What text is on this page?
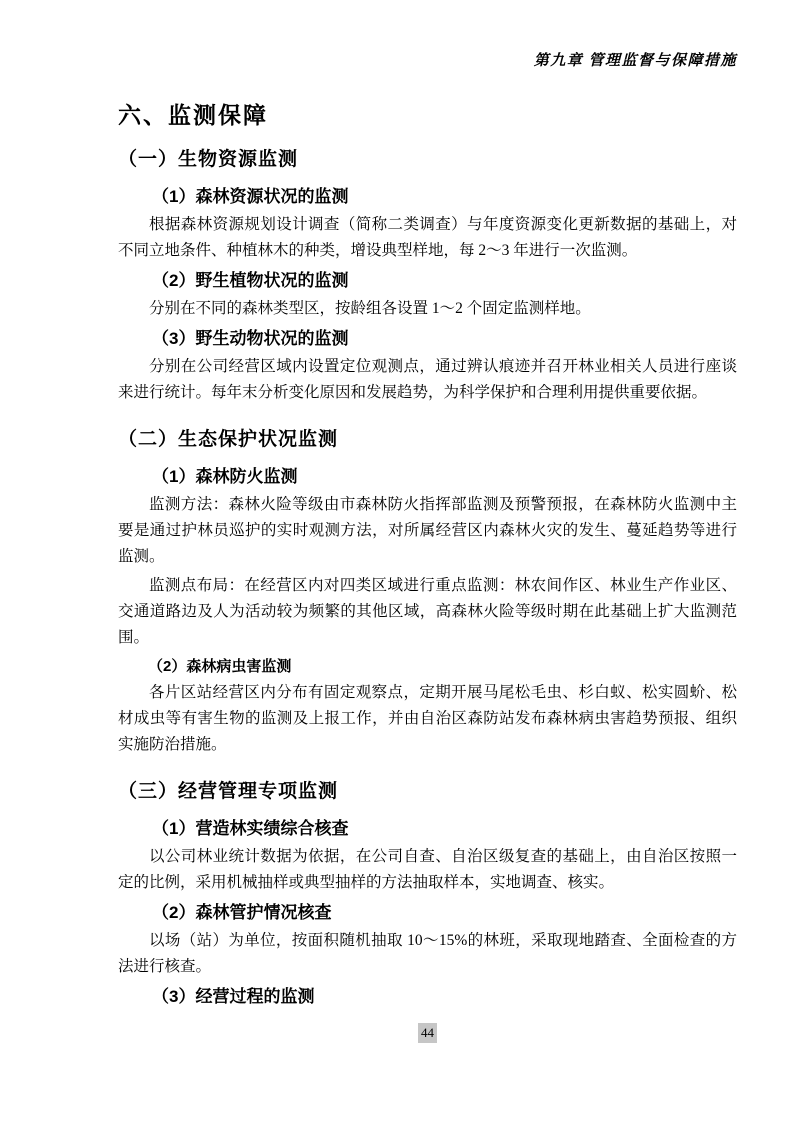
第九章 管理监督与保障措施
六、监测保障
（一）生物资源监测
（1）森林资源状况的监测

根据森林资源规划设计调查（简称二类调查）与年度资源变化更新数据的基础上，对不同立地条件、种植林木的种类，增设典型样地，每 2～3 年进行一次监测。

（2）野生植物状况的监测

分别在不同的森林类型区，按龄组各设置 1～2 个固定监测样地。

（3）野生动物状况的监测

分别在公司经营区域内设置定位观测点，通过辨认痕迹并召开林业相关人员进行座谈来进行统计。每年末分析变化原因和发展趋势，为科学保护和合理利用提供重要依据。

（二）生态保护状况监测
（1）森林防火监测

监测方法：森林火险等级由市森林防火指挥部监测及预警预报，在森林防火监测中主要是通过护林员巡护的实时观测方法，对所属经营区内森林火灾的发生、蔓延趋势等进行监测。

监测点布局：在经营区内对四类区域进行重点监测：林农间作区、林业生产作业区、交通道路边及人为活动较为频繁的其他区域，高森林火险等级时期在此基础上扩大监测范围。

（2）森林病虫害监测

各片区站经营区内分布有固定观察点，定期开展马尾松毛虫、杉白蚁、松实圆蚧、松材成虫等有害生物的监测及上报工作，并由自治区森防站发布森林病虫害趋势预报、组织实施防治措施。

（三）经营管理专项监测
（1）营造林实绩综合核查

以公司林业统计数据为依据，在公司自查、自治区级复查的基础上，由自治区按照一定的比例，采用机械抽样或典型抽样的方法抽取样本，实地调查、核实。

（2）森林管护情况核查

以场（站）为单位，按面积随机抽取 10～15%的林班，采取现地踏查、全面检查的方法进行核查。

（3）经营过程的监测
44
